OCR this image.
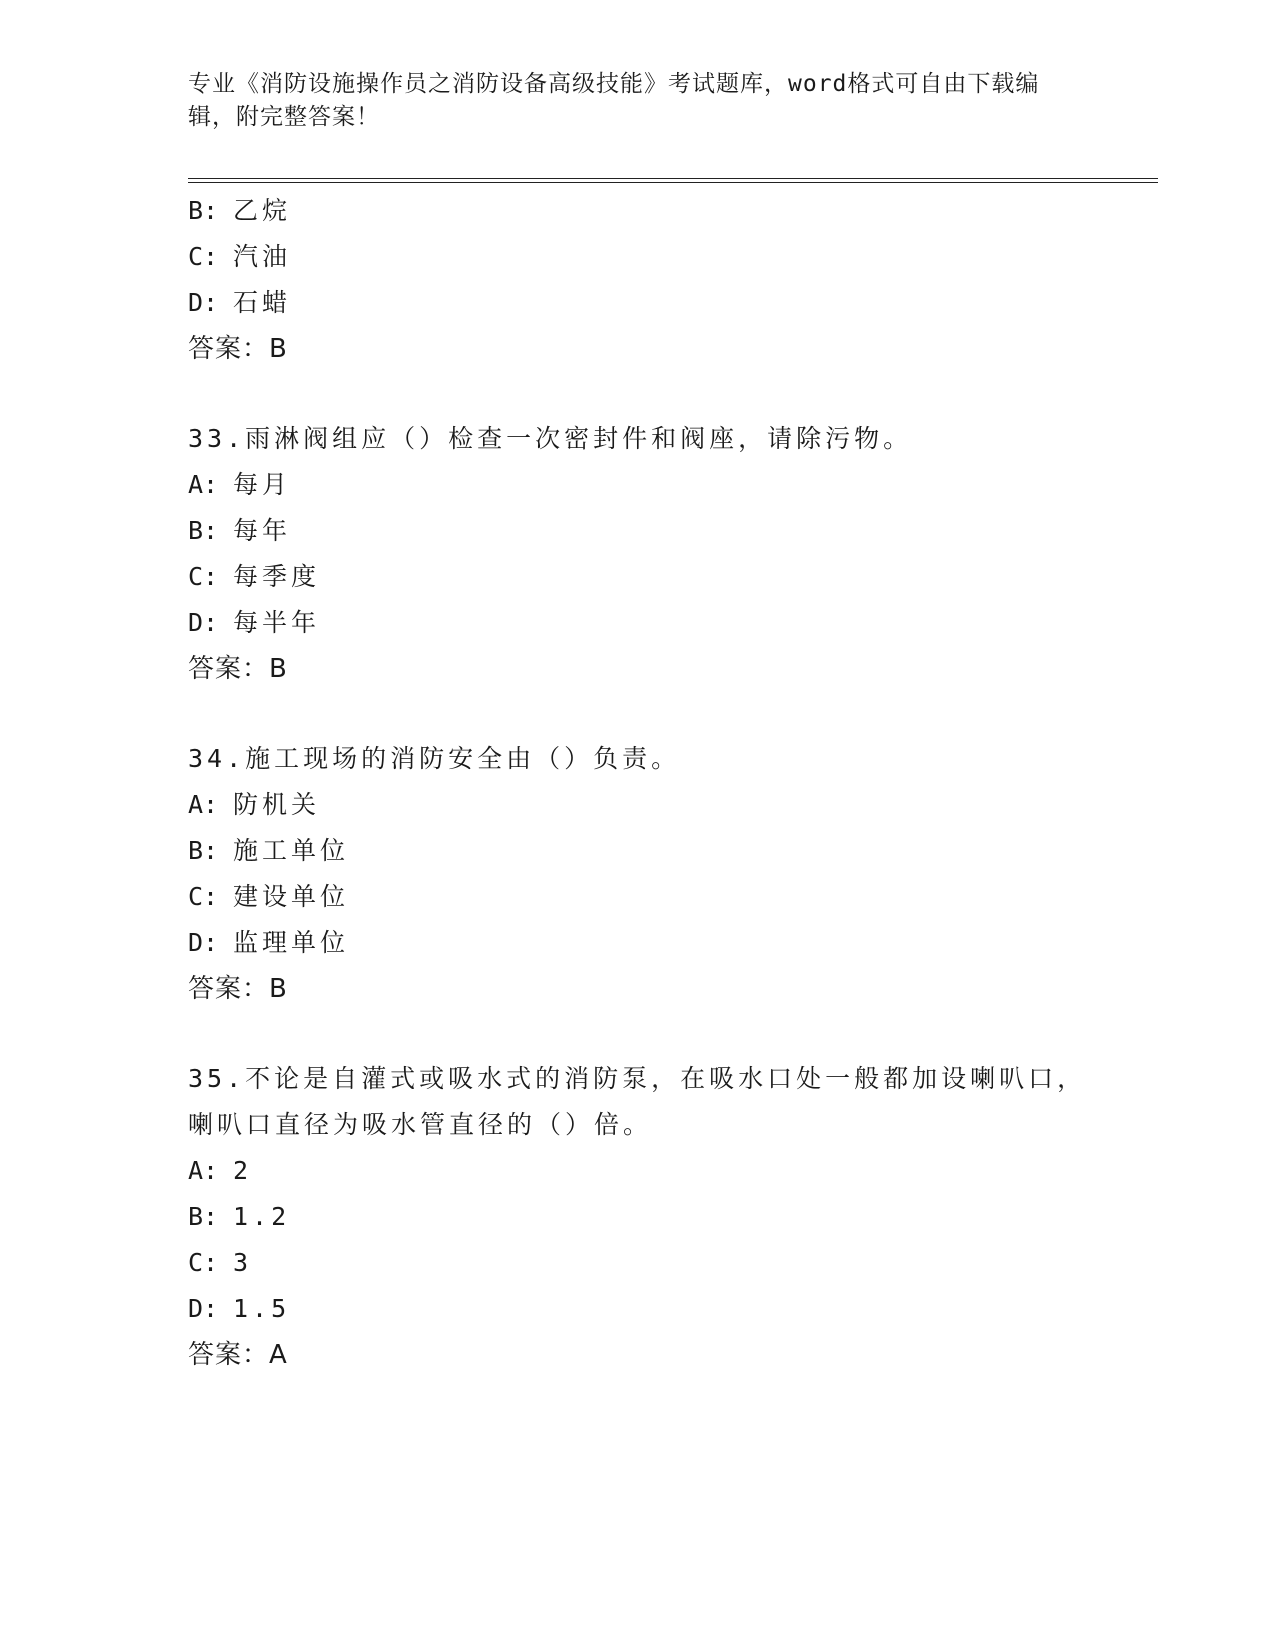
专业《消防设施操作员之消防设备高级技能》考试题库，word格式可自由下载编
辑，附完整答案！
B: 乙烷
C: 汽油
D: 石蜡
答案：B
33.雨淋阀组应（）检查一次密封件和阀座，请除污物。
A: 每月
B: 每年
C: 每季度
D: 每半年
答案：B
34.施工现场的消防安全由（）负责。
A: 防机关
B: 施工单位
C: 建设单位
D: 监理单位
答案：B
35.不论是自灌式或吸水式的消防泵，在吸水口处一般都加设喇叭口，喇叭口直径为吸水管直径的（）倍。
A: 2
B: 1.2
C: 3
D: 1.5
答案：A
